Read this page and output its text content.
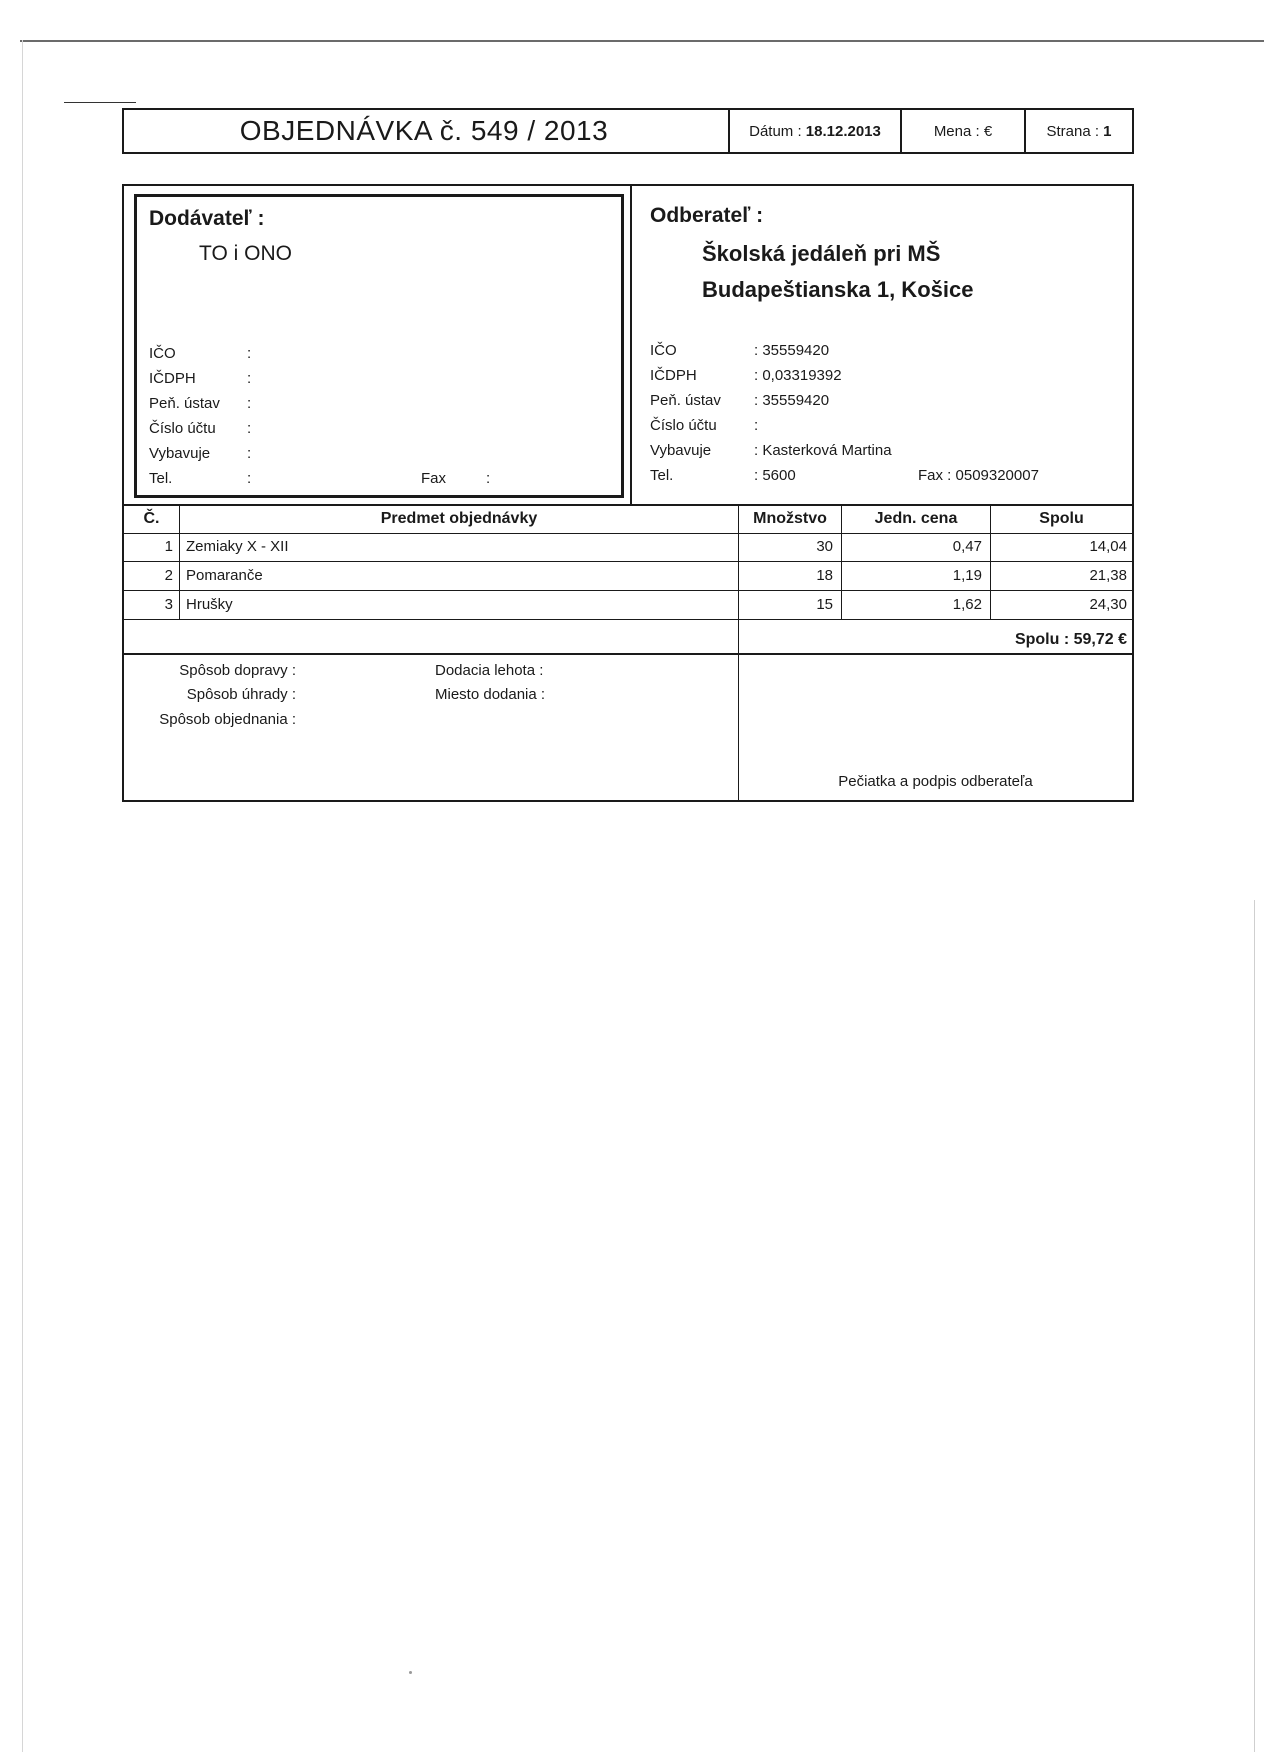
OBJEDNÁVKA č. 549 / 2013	Dátum :
18.12.2013	Mena : €	Strana :
1
Dodávateľ :
TO i ONO
IČO	:
IČDPH	:
Peň. ústav :
Číslo účtu :
Vybavuje :
Tel.	:	Fax	:
Odberateľ :
Školská jedáleň pri MŠ
Budapeštianska 1, Košice
IČO	: 35559420
IČDPH	: 0,03319392
Peň. ústav : 35559420
Číslo účtu :
Vybavuje	: Kasterková Martina
Tel.	: 5600	Fax : 0509320007
Č.	Predmet objednávky	Množstvo	Jedn. cena	Spolu
1 Zemiaky X - XII	30	0,47	14,04
2 Pomaranče	18	1,19	21,38
3 Hrušky	15	1,62	24,30
Spolu : 59,72 €
Spôsob dopravy :
Spôsob úhrady :
Spôsob objednania :
Dodacia lehota :
Miesto dodania :
Pečiatka a podpis odberateľa
